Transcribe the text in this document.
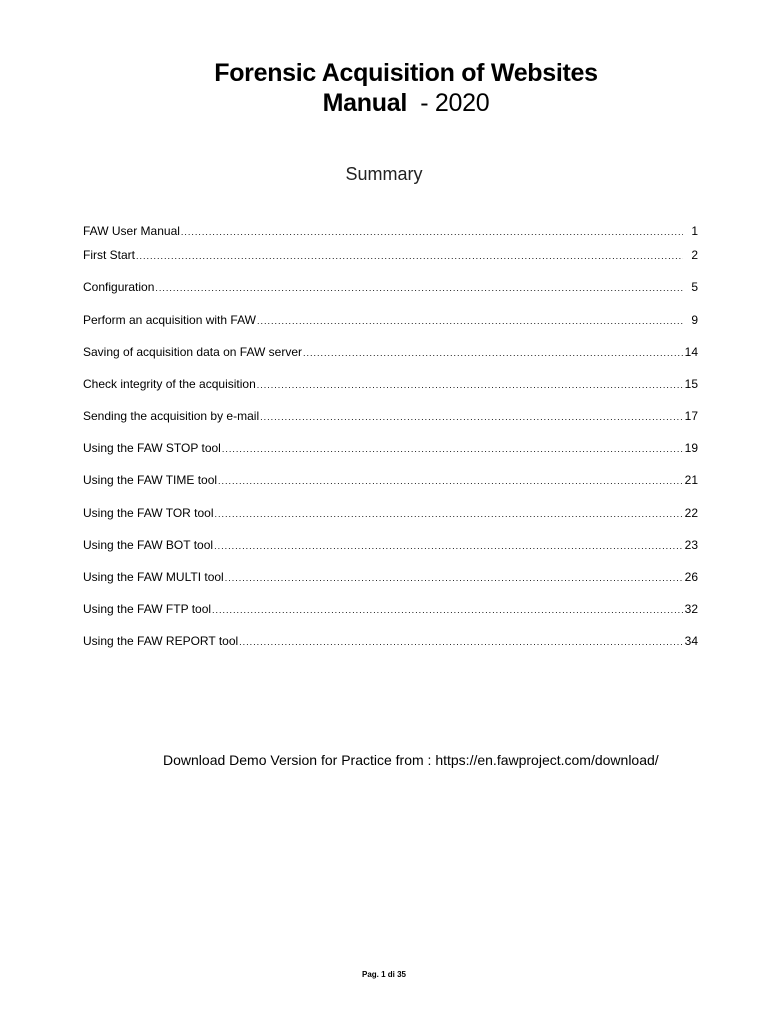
Forensic Acquisition of Websites
Manual - 2020
Summary
FAW User Manual .....	1
First Start .....	2
Configuration .....	5
Perform an acquisition with FAW .....	9
Saving of acquisition data on FAW server .....	14
Check integrity of the acquisition .....	15
Sending the acquisition by e-mail .....	17
Using the FAW STOP tool .....	19
Using the FAW TIME tool .....	21
Using the FAW TOR tool .....	22
Using the FAW BOT tool .....	23
Using the FAW MULTI tool .....	26
Using the FAW FTP tool .....	32
Using the FAW REPORT tool .....	34
Download Demo Version for Practice from : https://en.fawproject.com/download/
Pag. 1 di 35
